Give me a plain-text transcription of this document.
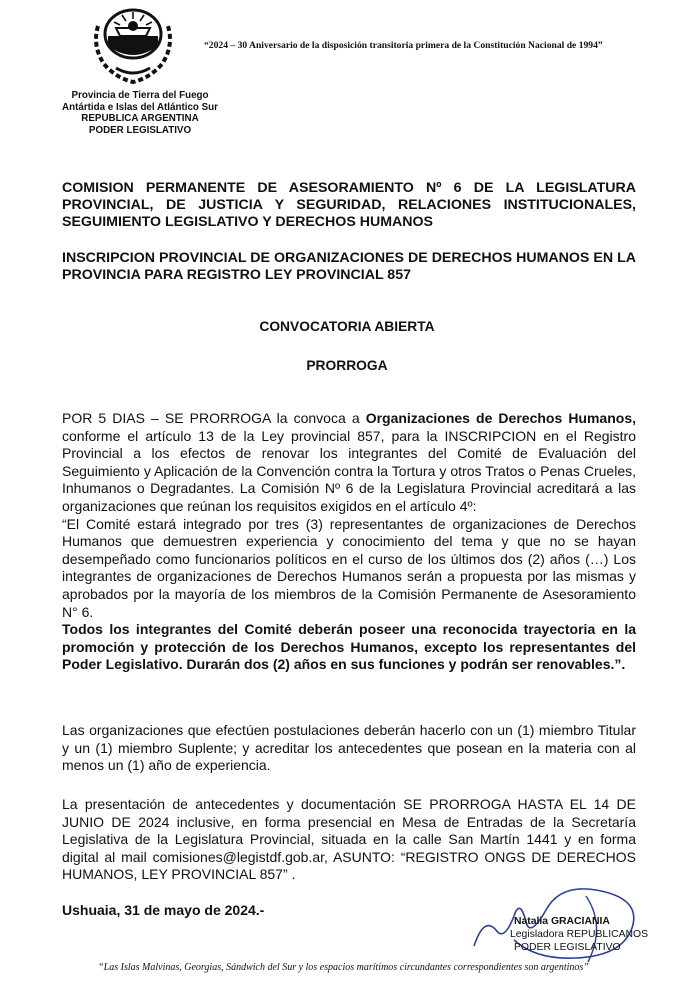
“2024 – 30 Aniversario de la disposición transitoria primera de la Constitución Nacional de 1994”
Provincia de Tierra del Fuego
Antártida e Islas del Atlántico Sur
REPUBLICA ARGENTINA
PODER LEGISLATIVO
COMISION PERMANENTE DE ASESORAMIENTO Nº 6 DE LA LEGISLATURA PROVINCIAL, DE JUSTICIA Y SEGURIDAD, RELACIONES INSTITUCIONALES, SEGUIMIENTO LEGISLATIVO Y DERECHOS HUMANOS
INSCRIPCION PROVINCIAL DE ORGANIZACIONES DE DERECHOS HUMANOS EN LA PROVINCIA PARA REGISTRO LEY PROVINCIAL 857
CONVOCATORIA ABIERTA
PRORROGA
POR 5 DIAS – SE PRORROGA la convoca a Organizaciones de Derechos Humanos, conforme el artículo 13 de la Ley provincial 857, para la INSCRIPCION en el Registro Provincial a los efectos de renovar los integrantes del Comité de Evaluación del Seguimiento y Aplicación de la Convención contra la Tortura y otros Tratos o Penas Crueles, Inhumanos o Degradantes. La Comisión Nº 6 de la Legislatura Provincial acreditará a las organizaciones que reúnan los requisitos exigidos en el artículo 4º:
“El Comité estará integrado por tres (3) representantes de organizaciones de Derechos Humanos que demuestren experiencia y conocimiento del tema y que no se hayan desempeñado como funcionarios políticos en el curso de los últimos dos (2) años (…) Los integrantes de organizaciones de Derechos Humanos serán a propuesta por las mismas y aprobados por la mayoría de los miembros de la Comisión Permanente de Asesoramiento N° 6.
Todos los integrantes del Comité deberán poseer una reconocida trayectoria en la promoción y protección de los Derechos Humanos, excepto los representantes del Poder Legislativo. Durarán dos (2) años en sus funciones y podrán ser renovables.”.
Las organizaciones que efectúen postulaciones deberán hacerlo con un (1) miembro Titular y un (1) miembro Suplente; y acreditar los antecedentes que posean en la materia con al menos un (1) año de experiencia.
La presentación de antecedentes y documentación SE PRORROGA HASTA EL 14 DE JUNIO DE 2024 inclusive, en forma presencial en Mesa de Entradas de la Secretaría Legislativa de la Legislatura Provincial, situada en la calle San Martín 1441 y en forma digital al mail comisiones@legistdf.gob.ar, ASUNTO: “REGISTRO ONGS DE DERECHOS HUMANOS, LEY PROVINCIAL 857” .
Ushuaia, 31 de mayo de 2024.-
Natalia GRACIANIA
Legisladora REPUBLICANOS
PODER LEGISLATIVO
“Las Islas Malvinas, Georgias, Sándwich del Sur y los espacios marítimos circundantes correspondientes son argentinos”
